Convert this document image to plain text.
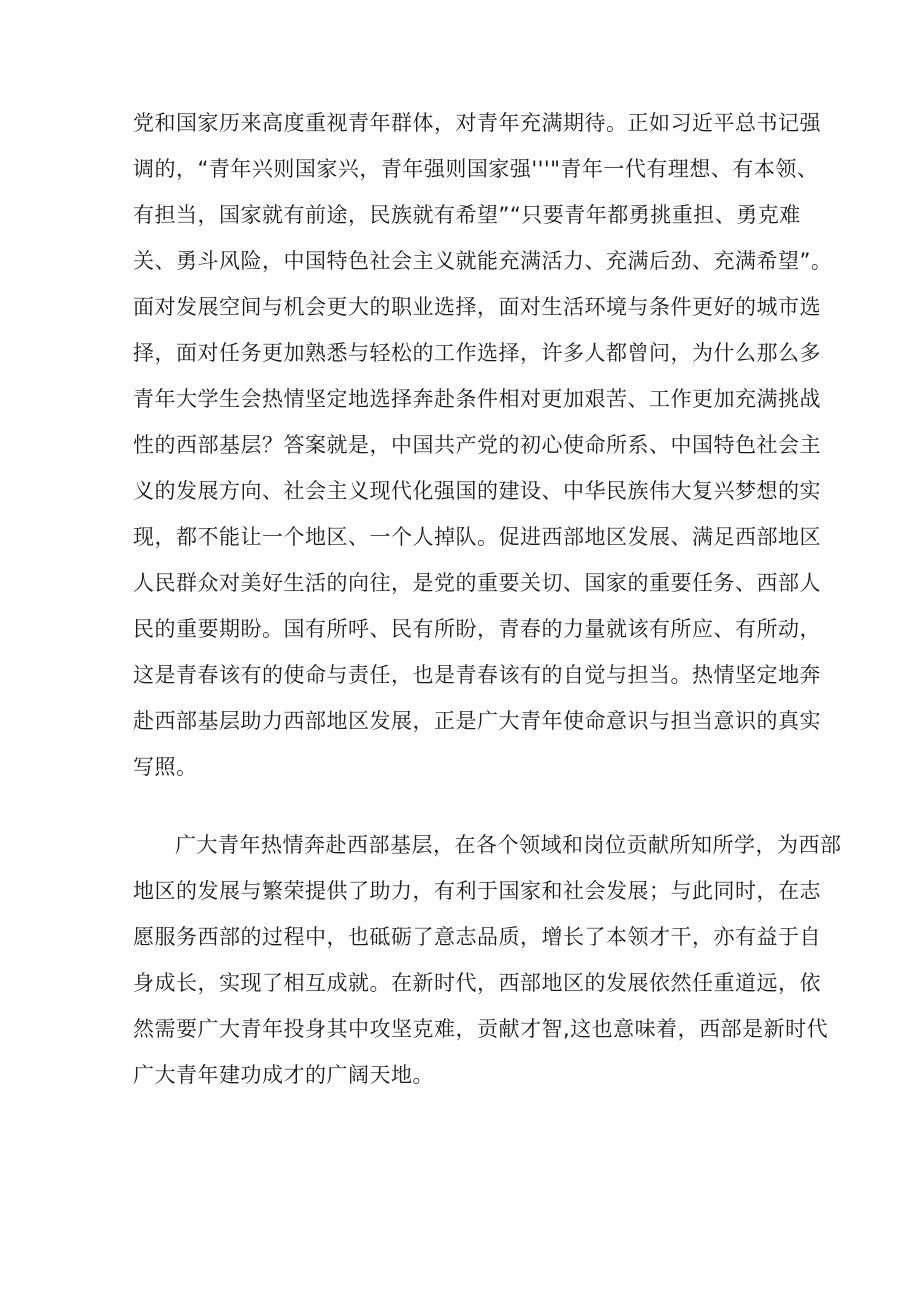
党和国家历来高度重视青年群体，对青年充满期待。正如习近平总书记强
调的，“青年兴则国家兴，青年强则国家强'''"青年一代有理想、有本领、
有担当，国家就有前途，民族就有希望”“只要青年都勇挑重担、勇克难
关、勇斗风险，中国特色社会主义就能充满活力、充满后劲、充满希望”。
面对发展空间与机会更大的职业选择，面对生活环境与条件更好的城市选
择，面对任务更加熟悉与轻松的工作选择，许多人都曾问，为什么那么多
青年大学生会热情坚定地选择奔赴条件相对更加艰苦、工作更加充满挑战
性的西部基层？答案就是，中国共产党的初心使命所系、中国特色社会主
义的发展方向、社会主义现代化强国的建设、中华民族伟大复兴梦想的实
现，都不能让一个地区、一个人掉队。促进西部地区发展、满足西部地区
人民群众对美好生活的向往，是党的重要关切、国家的重要任务、西部人
民的重要期盼。国有所呼、民有所盼，青春的力量就该有所应、有所动，
这是青春该有的使命与责任，也是青春该有的自觉与担当。热情坚定地奔
赴西部基层助力西部地区发展，正是广大青年使命意识与担当意识的真实
写照。
广大青年热情奔赴西部基层，在各个领域和岗位贡献所知所学，为西部
地区的发展与繁荣提供了助力，有利于国家和社会发展；与此同时，在志
愿服务西部的过程中，也砥砺了意志品质，增长了本领才干，亦有益于自
身成长，实现了相互成就。在新时代，西部地区的发展依然任重道远，依
然需要广大青年投身其中攻坚克难，贡献才智,这也意味着，西部是新时代
广大青年建功成才的广阔天地。
